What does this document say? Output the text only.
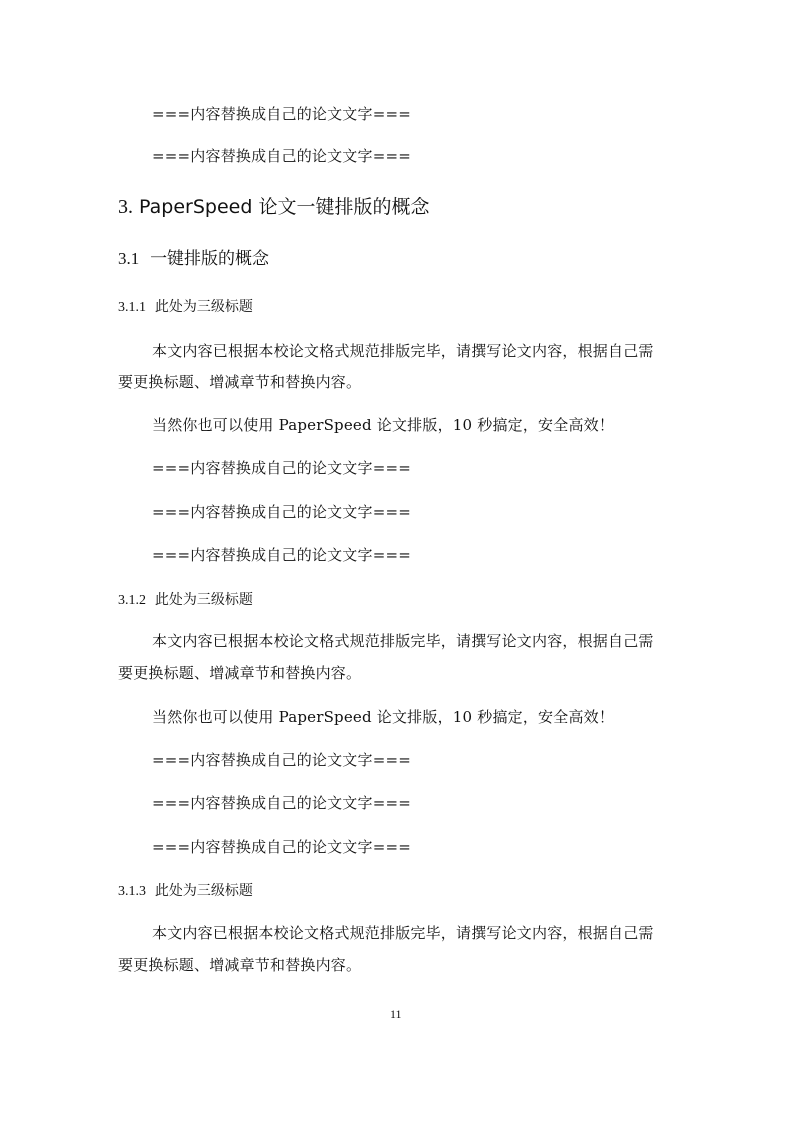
===内容替换成自己的论文文字===
===内容替换成自己的论文文字===
3. PaperSpeed 论文一键排版的概念
3.1 一键排版的概念
3.1.1 此处为三级标题
本文内容已根据本校论文格式规范排版完毕，请撰写论文内容，根据自己需
要更换标题、增减章节和替换内容。
当然你也可以使用 PaperSpeed 论文排版，10 秒搞定，安全高效！
===内容替换成自己的论文文字===
===内容替换成自己的论文文字===
===内容替换成自己的论文文字===
3.1.2 此处为三级标题
本文内容已根据本校论文格式规范排版完毕，请撰写论文内容，根据自己需
要更换标题、增减章节和替换内容。
当然你也可以使用 PaperSpeed 论文排版，10 秒搞定，安全高效！
===内容替换成自己的论文文字===
===内容替换成自己的论文文字===
===内容替换成自己的论文文字===
3.1.3 此处为三级标题
本文内容已根据本校论文格式规范排版完毕，请撰写论文内容，根据自己需
要更换标题、增减章节和替换内容。
11
